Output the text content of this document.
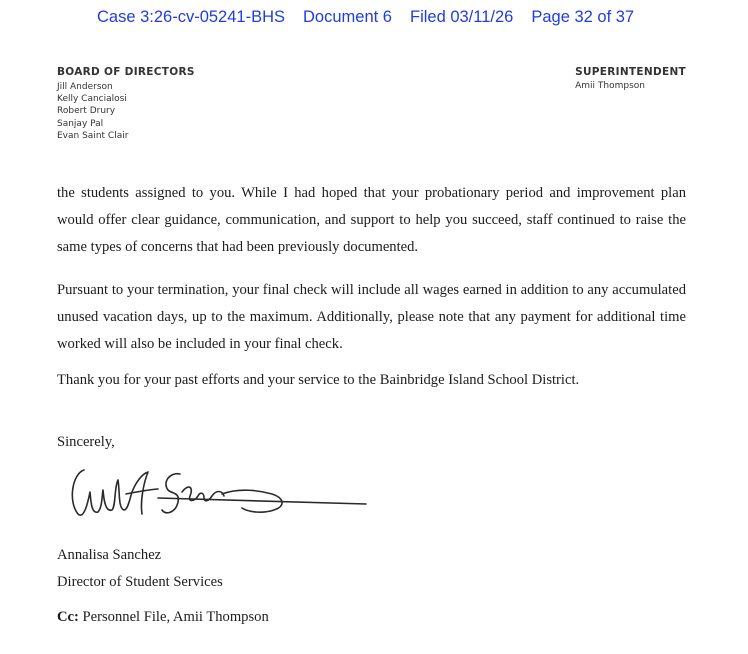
Case 3:26-cv-05241-BHS Document 6 Filed 03/11/26 Page 32 of 37
BOARD OF DIRECTORS
Jill Anderson
Kelly Cancialosi
Robert Drury
Sanjay Pal
Evan Saint Clair
SUPERINTENDENT
Amii Thompson
the students assigned to you. While I had hoped that your probationary period and improvement plan would offer clear guidance, communication, and support to help you succeed, staff continued to raise the same types of concerns that had been previously documented.
Pursuant to your termination, your final check will include all wages earned in addition to any accumulated unused vacation days, up to the maximum. Additionally, please note that any payment for additional time worked will also be included in your final check.
Thank you for your past efforts and your service to the Bainbridge Island School District.
Sincerely,
Annalisa Sanchez
Director of Student Services
Cc: Personnel File, Amii Thompson
